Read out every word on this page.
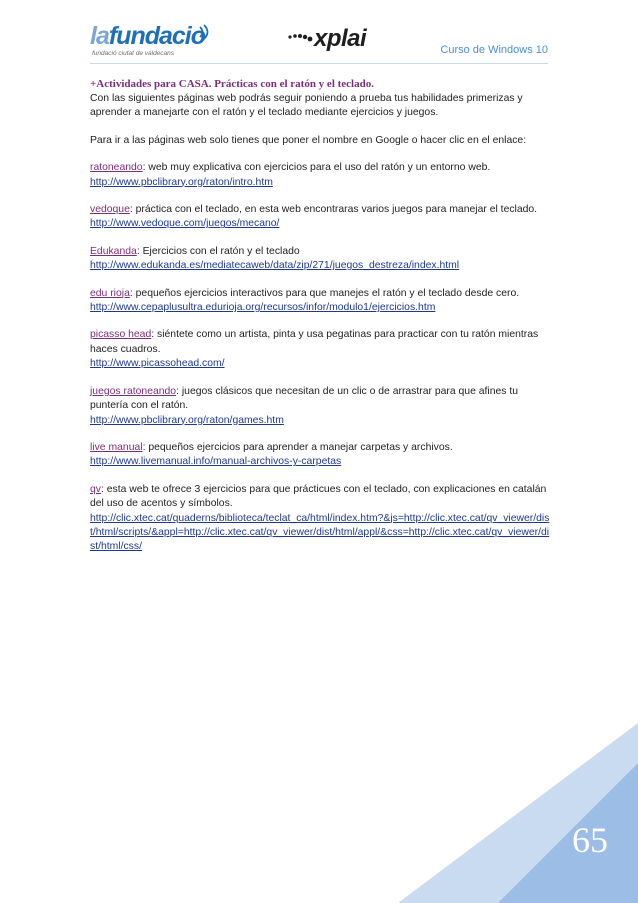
lafundacio
fundació ciutat de valdecans
xplai	Curso de Windows 10

+Actividades para CASA. Prácticas con el ratón y el teclado.

Con las siguientes páginas web podrás seguir poniendo a prueba tus habilidades primerizas y aprender a manejarte con el ratón y el teclado mediante ejercicios y juegos.

Para ir a las páginas web solo tienes que poner el nombre en Google o hacer clic en el enlace:

ratoneando: web muy explicativa con ejercicios para el uso del ratón y un entorno web.

http://www.pbclibrary.org/raton/intro.htm

vedoque: práctica con el teclado, en esta web encontraras varios juegos para manejar el teclado.

http://www.vedoque.com/juegos/mecano/

Edukanda: Ejercicios con el ratón y el teclado

http://www.edukanda.es/mediatecaweb/data/zip/271/juegos_destreza/index.html

edu rioja: pequeños ejercicios interactivos para que manejes el ratón y el teclado desde cero.

http://www.cepaplusultra.edurioja.org/recursos/infor/modulo1/ejercicios.htm

picasso head: siéntete como un artista, pinta y usa pegatinas para practicar con tu ratón mientras haces cuadros.

http://www.picassohead.com/

juegos ratoneando: juegos clásicos que necesitan de un clic o de arrastrar para que afines tu puntería con el ratón.

http://www.pbclibrary.org/raton/games.htm

live manual: pequeños ejercicios para aprender a manejar carpetas y archivos.

http://www.livemanual.info/manual-archivos-y-carpetas

qv: esta web te ofrece 3 ejercicios para que prácticues con el teclado, con explicaciones en catalán del uso de acentos y símbolos.

http://clic.xtec.cat/quaderns/biblioteca/teclat_ca/html/index.htm?&js=http://clic.xtec.cat/qv_viewer/dist/html/scripts/&appl=http://clic.xtec.cat/qv_viewer/dist/html/appl/&css=http://clic.xtec.cat/qv_viewer/dist/html/css/
65
